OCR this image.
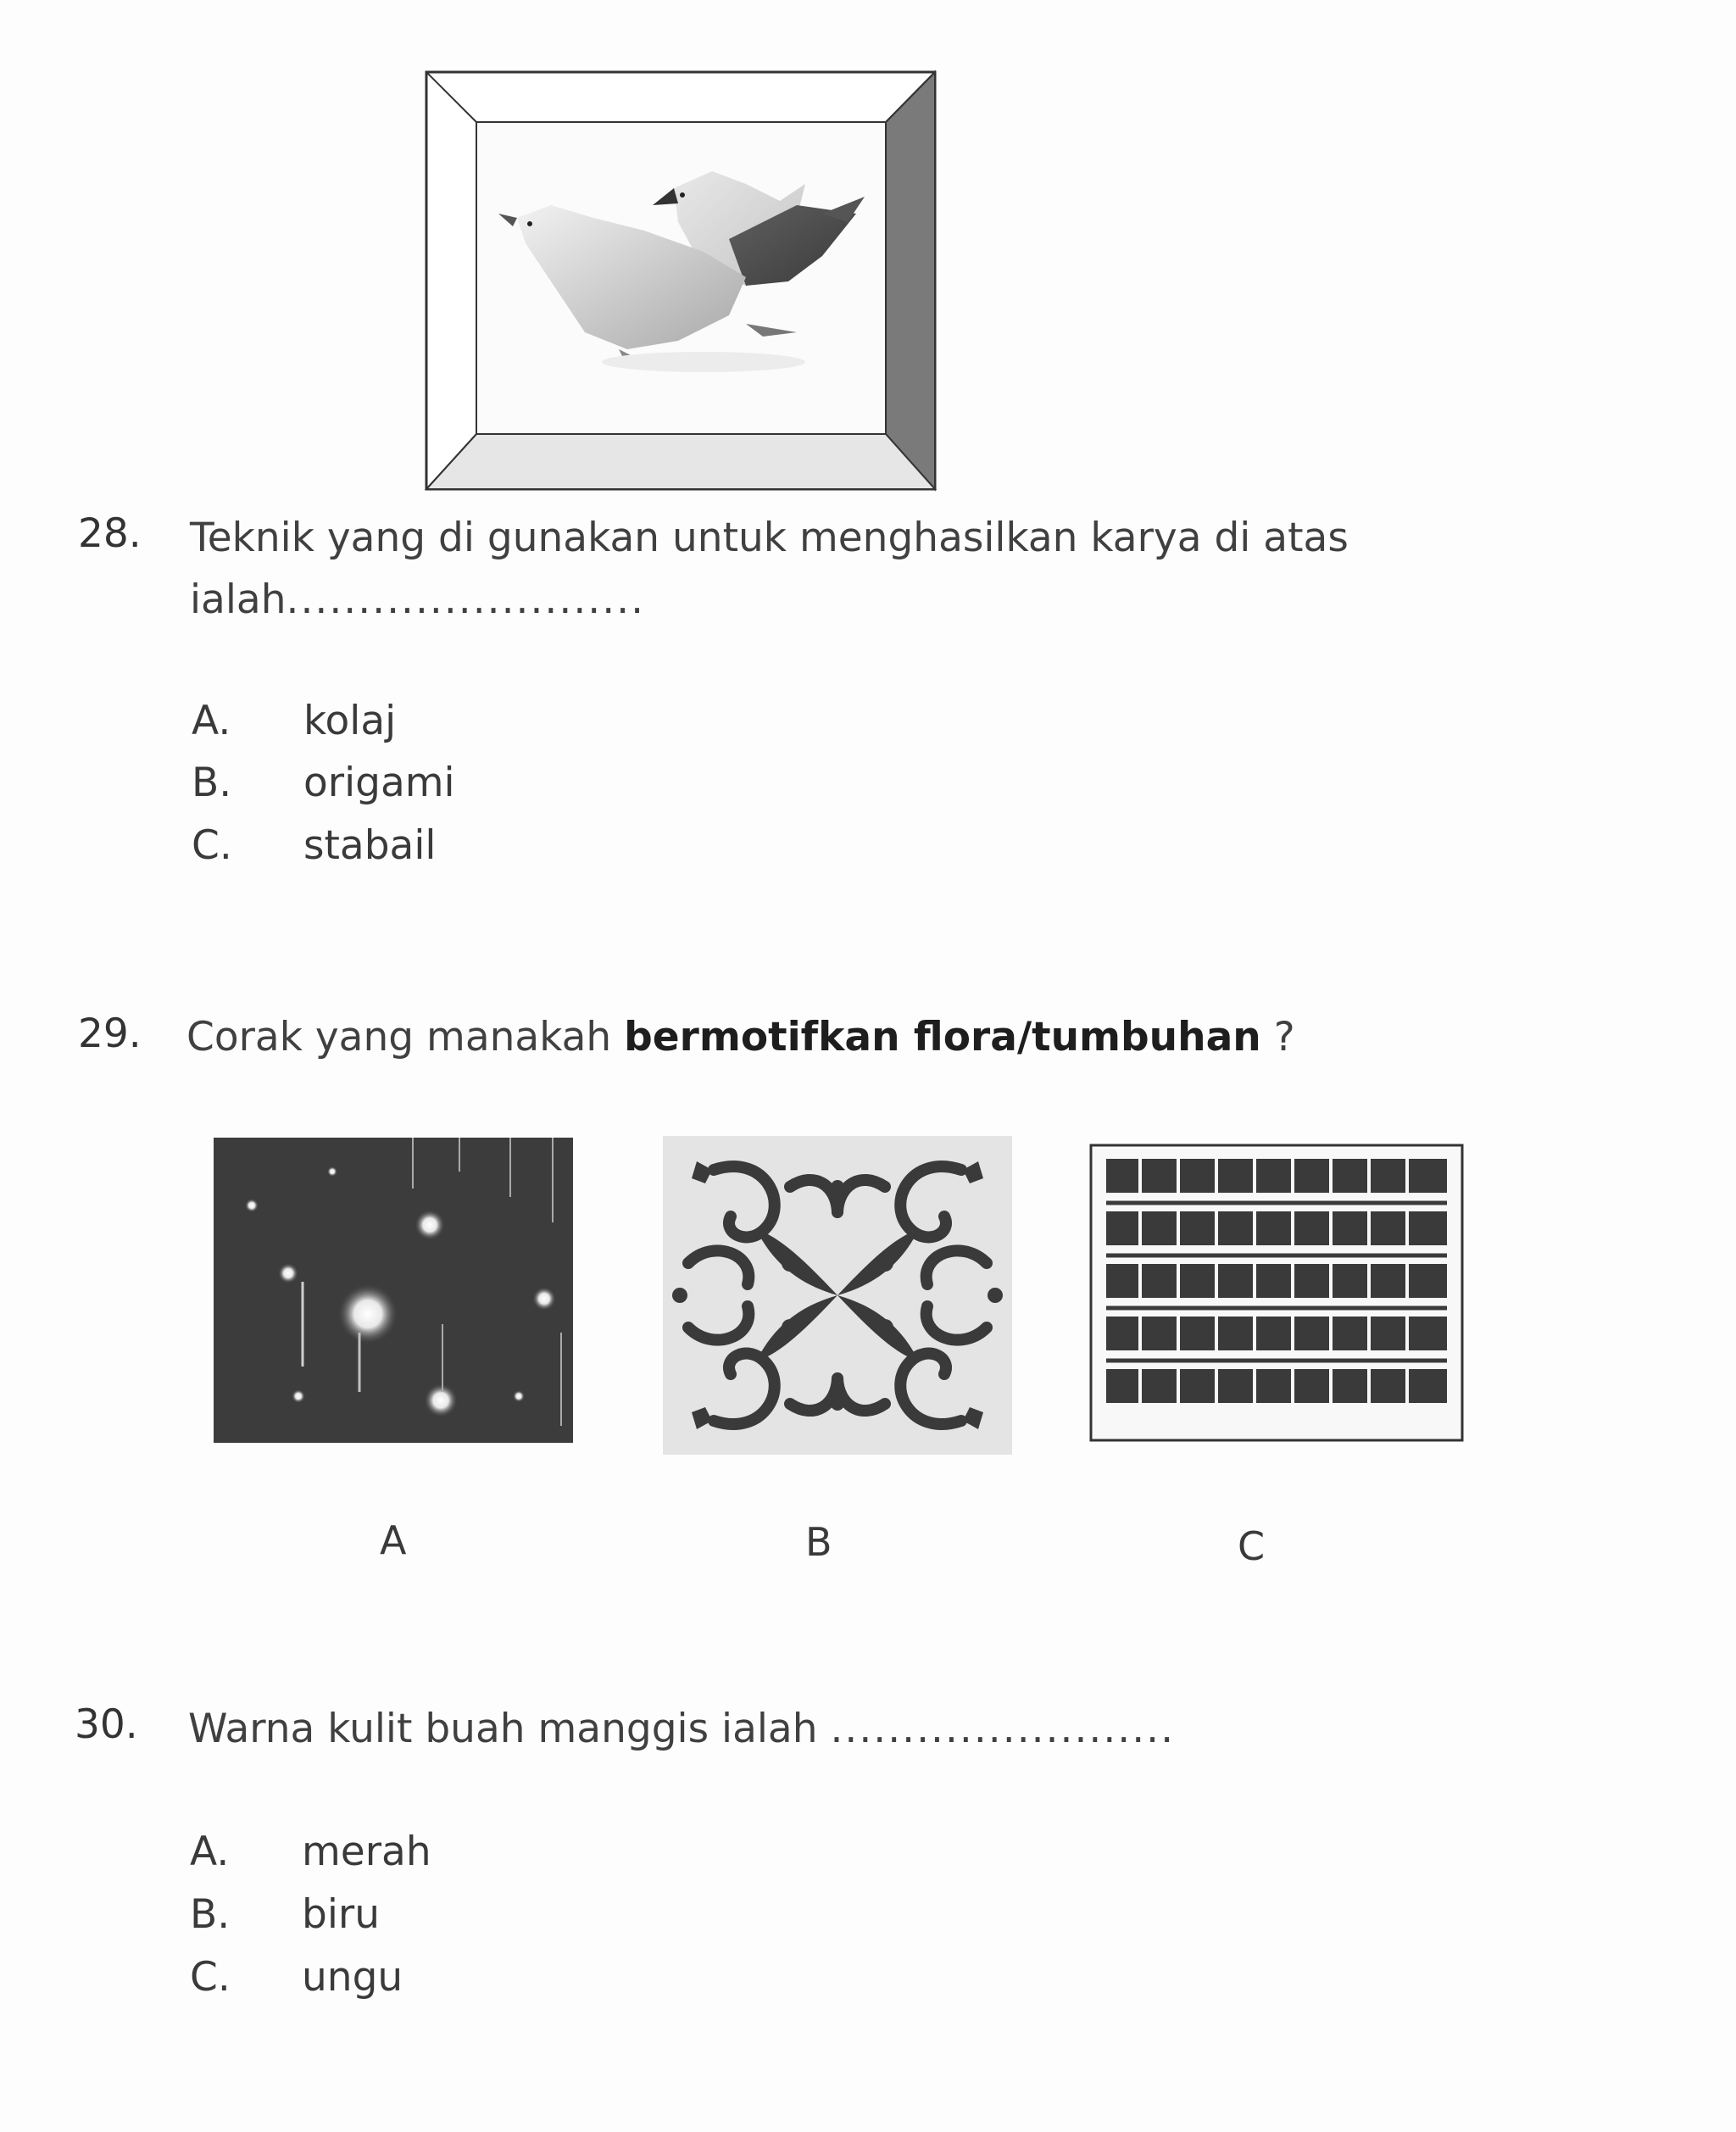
28. Teknik yang di gunakan untuk menghasilkan karya di atas
ialah.........................
A. kolaj
B. origami
C. stabail
29. Corak yang manakah bermotifkan flora/tumbuhan ?
A	B	C
30. Warna kulit buah manggis ialah ........................
A. merah
B. biru
C. ungu
